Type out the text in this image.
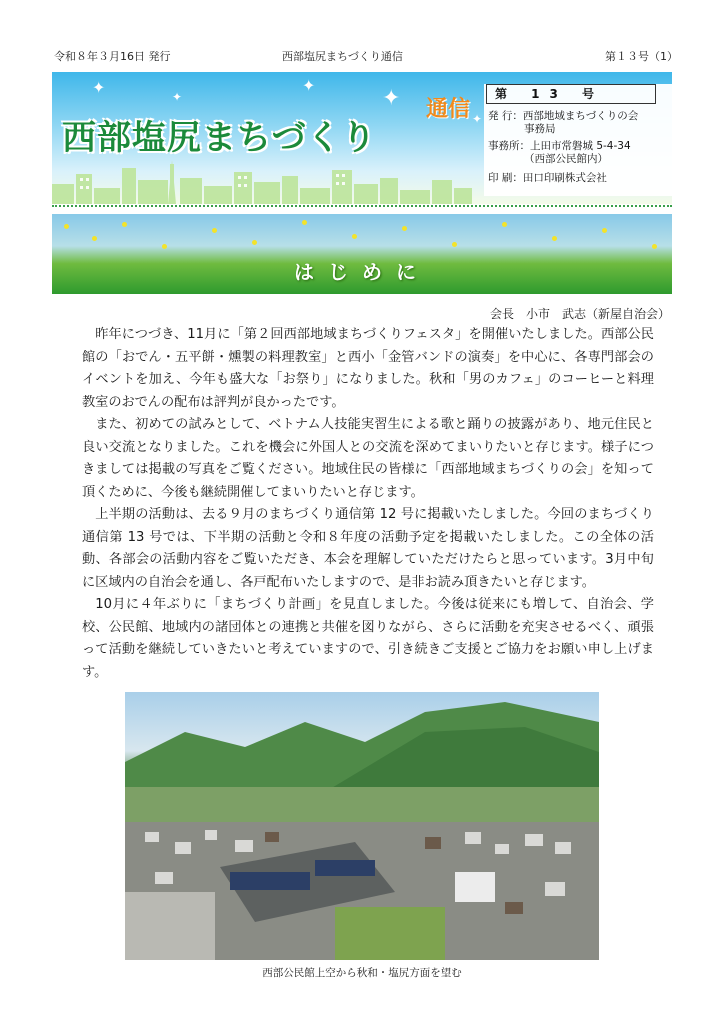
令和８年３月16日 発行	西部塩尻まちづくり通信	第１３号（1）
✦	✦
✦
✦
✦
西部塩尻まちづくり
通信
第 13 号
発 行：西部地域まちづくりの会
事務局
事務所：上田市常磐城 5-4-34
（西部公民館内）
印 刷：田口印刷株式会社
はじめに
会長　小市　武志（新屋自治会）

昨年につづき、11月に「第２回西部地域まちづくりフェスタ」を開催いたしました。西部公民館の「おでん・五平餅・燻製の料理教室」と西小「金管バンドの演奏」を中心に、各専門部会のイベントを加え、今年も盛大な「お祭り」になりました。秋和「男のカフェ」のコーヒーと料理教室のおでんの配布は評判が良かったです。

また、初めての試みとして、ベトナム人技能実習生による歌と踊りの披露があり、地元住民と良い交流となりました。これを機会に外国人との交流を深めてまいりたいと存じます。様子につきましては掲載の写真をご覧ください。地域住民の皆様に「西部地域まちづくりの会」を知って頂くために、今後も継続開催してまいりたいと存じます。

上半期の活動は、去る９月のまちづくり通信第 12 号に掲載いたしました。今回のまちづくり通信第 13 号では、下半期の活動と令和８年度の活動予定を掲載いたしました。この全体の活動、各部会の活動内容をご覧いただき、本会を理解していただけたらと思っています。3月中旬に区域内の自治会を通し、各戸配布いたしますので、是非お読み頂きたいと存じます。

10月に４年ぶりに「まちづくり計画」を見直しました。今後は従来にも増して、自治会、学校、公民館、地域内の諸団体との連携と共催を図りながら、さらに活動を充実させるべく、頑張って活動を継続していきたいと考えていますので、引き続きご支援とご協力をお願い申し上げます。

西部公民館上空から秋和・塩尻方面を望む
